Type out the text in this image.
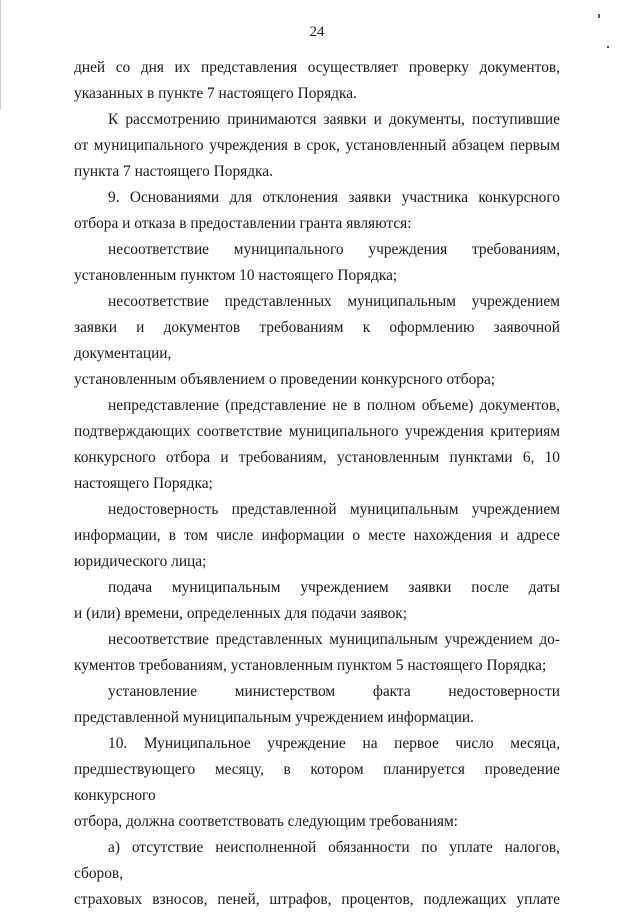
24
дней со дня их представления осуществляет проверку документов,
указанных в пункте 7 настоящего Порядка.
К рассмотрению принимаются заявки и документы, поступившие
от муниципального учреждения в срок, установленный абзацем первым
пункта 7 настоящего Порядка.
9. Основаниями для отклонения заявки участника конкурсного
отбора и отказа в предоставлении гранта являются:
несоответствие муниципального учреждения требованиям,
установленным пунктом 10 настоящего Порядка;
несоответствие представленных муниципальным учреждением
заявки и документов требованиям к оформлению заявочной документации,
установленным объявлением о проведении конкурсного отбора;
непредставление (представление не в полном объеме) документов,
подтверждающих соответствие муниципального учреждения критериям
конкурсного отбора и требованиям, установленным пунктами 6, 10
настоящего Порядка;
недостоверность представленной муниципальным учреждением
информации, в том числе информации о месте нахождения и адресе
юридического лица;
подача муниципальным учреждением заявки после даты
и (или) времени, определенных для подачи заявок;
несоответствие представленных муниципальным учреждением до-
кументов требованиям, установленным пунктом 5 настоящего Порядка;
установление министерством факта недостоверности
представленной муниципальным учреждением информации.
10. Муниципальное учреждение на первое число месяца,
предшествующего месяцу, в котором планируется проведение конкурсного
отбора, должна соответствовать следующим требованиям:
а) отсутствие неисполненной обязанности по уплате налогов, сборов,
страховых взносов, пеней, штрафов, процентов, подлежащих уплате
